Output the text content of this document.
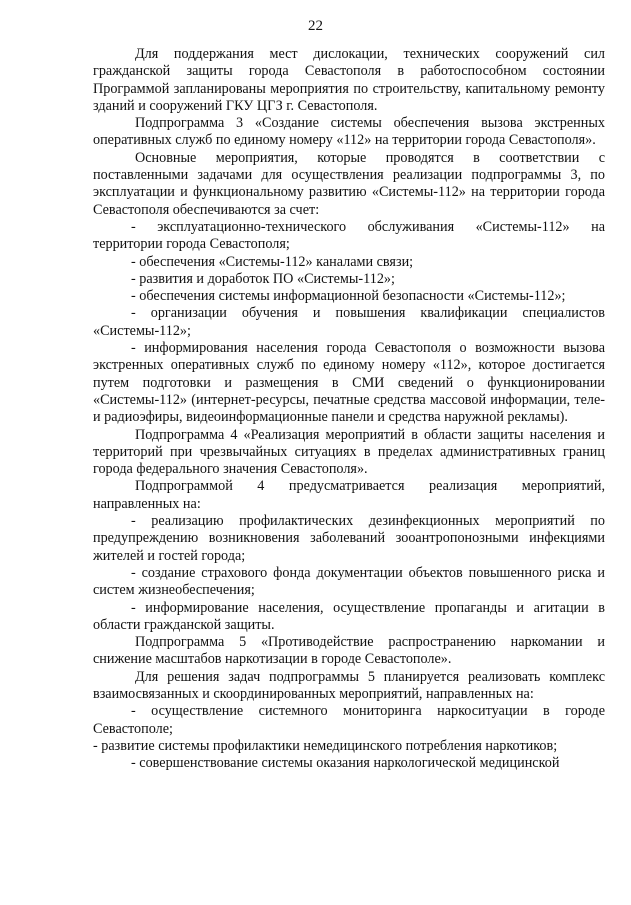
22

Для поддержания мест дислокации, технических сооружений сил гражданской защиты города Севастополя в работоспособном состоянии Программой запланированы мероприятия по строительству, капитальному ремонту зданий и сооружений ГКУ ЦГЗ г. Севастополя.

Подпрограмма 3 «Создание системы обеспечения вызова экстренных оперативных служб по единому номеру «112» на территории города Севастополя».

Основные мероприятия, которые проводятся в соответствии с поставленными задачами для осуществления реализации подпрограммы 3, по эксплуатации и функциональному развитию «Системы-112» на территории города Севастополя обеспечиваются за счет:

- эксплуатационно-технического обслуживания «Системы-112» на территории города Севастополя;

- обеспечения «Системы-112» каналами связи;

- развития и доработок ПО «Системы-112»;

- обеспечения системы информационной безопасности «Системы-112»;

- организации обучения и повышения квалификации специалистов «Системы-112»;

- информирования населения города Севастополя о возможности вызова экстренных оперативных служб по единому номеру «112», которое достигается путем подготовки и размещения в СМИ сведений о функционировании «Системы-112» (интернет-ресурсы, печатные средства массовой информации, теле- и радиоэфиры, видеоинформационные панели и средства наружной рекламы).

Подпрограмма 4 «Реализация мероприятий в области защиты населения и территорий при чрезвычайных ситуациях в пределах административных границ города федерального значения Севастополя».

Подпрограммой 4 предусматривается реализация мероприятий, направленных на:

- реализацию профилактических дезинфекционных мероприятий по предупреждению возникновения заболеваний зооантропонозными инфекциями жителей и гостей города;

- создание страхового фонда документации объектов повышенного риска и систем жизнеобеспечения;

- информирование населения, осуществление пропаганды и агитации в области гражданской защиты.

Подпрограмма 5 «Противодействие распространению наркомании и снижение масштабов наркотизации в городе Севастополе».

Для решения задач подпрограммы 5 планируется реализовать комплекс взаимосвязанных и скоординированных мероприятий, направленных на:

- осуществление системного мониторинга наркоситуации в городе Севастополе;

- развитие системы профилактики немедицинского потребления наркотиков;

- совершенствование системы оказания наркологической медицинской
